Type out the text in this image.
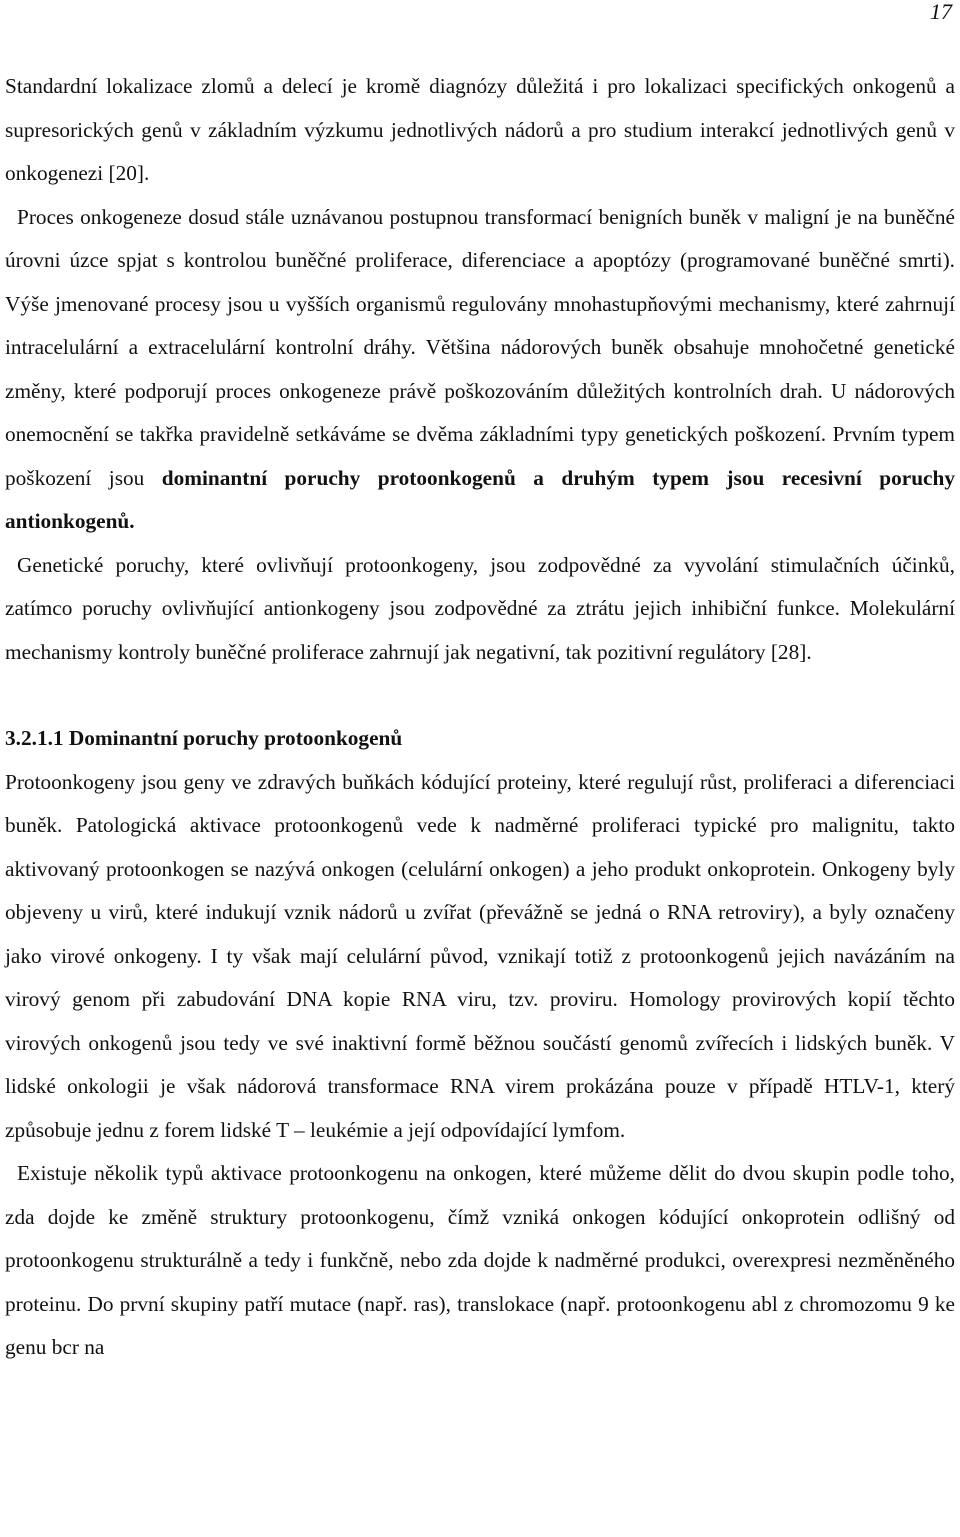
17

Standardní lokalizace zlomů a delecí je kromě diagnózy důležitá i pro lokalizaci specifických onkogenů a supresorických genů v základním výzkumu jednotlivých nádorů a pro studium interakcí jednotlivých genů v onkogenezi [20].

Proces onkogeneze dosud stále uznávanou postupnou transformací benigních buněk v maligní je na buněčné úrovni úzce spjat s kontrolou buněčné proliferace, diferenciace a apoptózy (programované buněčné smrti). Výše jmenované procesy jsou u vyšších organismů regulovány mnohastupňovými mechanismy, které zahrnují intracelulární a extracelulární kontrolní dráhy. Většina nádorových buněk obsahuje mnohočetné genetické změny, které podporují proces onkogeneze právě poškozováním důležitých kontrolních drah. U nádorových onemocnění se takřka pravidelně setkáváme se dvěma základními typy genetických poškození. Prvním typem poškození jsou dominantní poruchy protoonkogenů a druhým typem jsou recesivní poruchy antionkogenů.

Genetické poruchy, které ovlivňují protoonkogeny, jsou zodpovědné za vyvolání stimulačních účinků, zatímco poruchy ovlivňující antionkogeny jsou zodpovědné za ztrátu jejich inhibiční funkce. Molekulární mechanismy kontroly buněčné proliferace zahrnují jak negativní, tak pozitivní regulátory [28].

3.2.1.1 Dominantní poruchy protoonkogenů

Protoonkogeny jsou geny ve zdravých buňkách kódující proteiny, které regulují růst, proliferaci a diferenciaci buněk. Patologická aktivace protoonkogenů vede k nadměrné proliferaci typické pro malignitu, takto aktivovaný protoonkogen se nazývá onkogen (celulární onkogen) a jeho produkt onkoprotein. Onkogeny byly objeveny u virů, které indukují vznik nádorů u zvířat (převážně se jedná o RNA retroviry), a byly označeny jako virové onkogeny. I ty však mají celulární původ, vznikají totiž z protoonkogenů jejich navázáním na virový genom při zabudování DNA kopie RNA viru, tzv. proviru. Homology provirových kopií těchto virových onkogenů jsou tedy ve své inaktivní formě běžnou součástí genomů zvířecích i lidských buněk. V lidské onkologii je však nádorová transformace RNA virem prokázána pouze v případě HTLV-1, který způsobuje jednu z forem lidské T – leukémie a její odpovídající lymfom.

Existuje několik typů aktivace protoonkogenu na onkogen, které můžeme dělit do dvou skupin podle toho, zda dojde ke změně struktury protoonkogenu, čímž vzniká onkogen kódující onkoprotein odlišný od protoonkogenu strukturálně a tedy i funkčně, nebo zda dojde k nadměrné produkci, overexpresi nezměněného proteinu. Do první skupiny patří mutace (např. ras), translokace (např. protoonkogenu abl z chromozomu 9 ke genu bcr na
